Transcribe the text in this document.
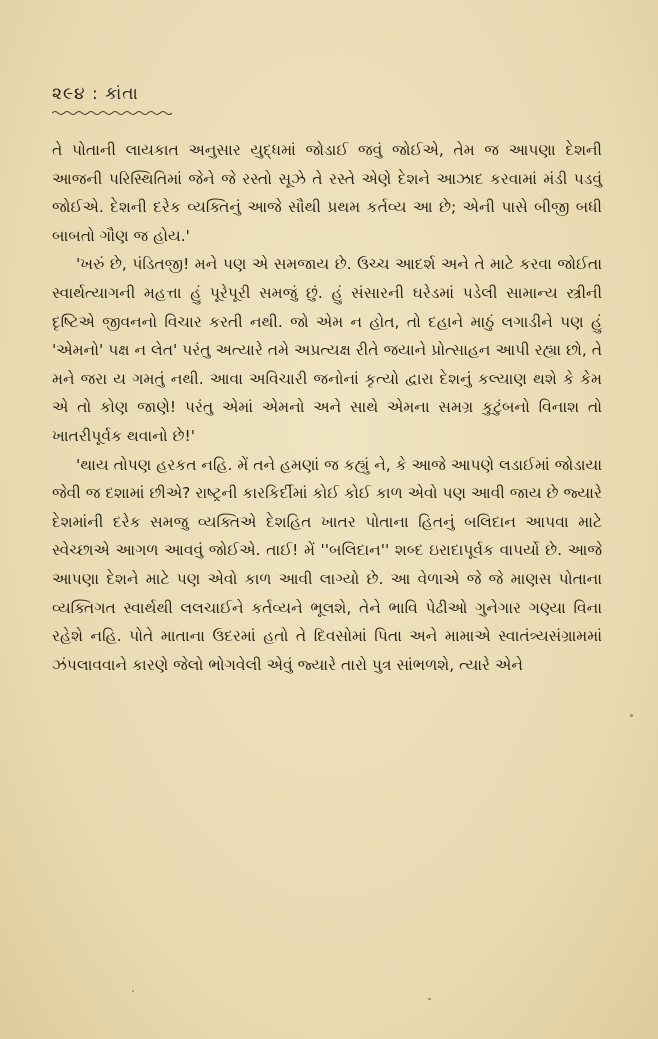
૨૯૪ : કાંતા

તે પોતાની લાયકાત અનુસાર યુદ્ધમાં જોડાઈ જવું જોઈએ, તેમ જ આપણા દેશની આજની પરિસ્થિતિમાં જેને જે રસ્તો સૂઝે તે રસ્તે એણે દેશને આઝાદ કરવામાં મંડી પડવું જોઈએ. દેશની દરેક વ્યક્તિનું આજે સૌથી પ્રથમ કર્તવ્ય આ છે; એની પાસે બીજી બધી બાબતો ગૌણ જ હોય.'

'ખરું છે, પંડિતજી! મને પણ એ સમજાય છે. ઉચ્ચ આદર્શ અને તે માટે કરવા જોઈતા સ્વાર્થત્યાગની મહત્તા હું પૂરેપૂરી સમજું છું. હું સંસારની ઘરેડમાં પડેલી સામાન્ય સ્ત્રીની દૃષ્ટિએ જીવનનો વિચાર કરતી નથી. જો એમ ન હોત, તો દહાને માઠું લગાડીને પણ હું 'એમનો' પક્ષ ન લેત' પરંતુ અત્યારે તમે અપ્રત્યક્ષ રીતે જયાને પ્રોત્સાહન આપી રહ્યા છો, તે મને જરા ય ગમતું નથી. આવા અવિચારી જનોનાં કૃત્યો દ્વારા દેશનું કલ્યાણ થશે કે કેમ એ તો કોણ જાણે! પરંતુ એમાં એમનો અને સાથે એમના સમગ્ર કુટુંબનો વિનાશ તો ખાતરીપૂર્વક થવાનો છે!'

'થાય તોપણ હરકત નહિ. મેં તને હમણાં જ કહ્યું ને, કે આજે આપણે લડાઈમાં જોડાયા જેવી જ દશામાં છીએ? રાષ્ટ્રની કારકિર્દીમાં કોઈ કોઈ કાળ એવો પણ આવી જાય છે જ્યારે દેશમાંની દરેક સમજુ વ્યક્તિએ દેશહિત ખાતર પોતાના હિતનું બલિદાન આપવા માટે સ્વેચ્છાએ આગળ આવવું જોઈએ. તાઈ! મેં ''બલિદાન'' શબ્દ ઇરાદાપૂર્વક વાપર્યો છે. આજે આપણા દેશને માટે પણ એવો કાળ આવી લાગ્યો છે. આ વેળાએ જે જે માણસ પોતાના વ્યક્તિગત સ્વાર્થથી લલચાઈને કર્તવ્યને ભૂલશે, તેને ભાવિ પેઢીઓ ગુનેગાર ગણ્યા વિના રહેશે નહિ. પોતે માતાના ઉદરમાં હતો તે દિવસોમાં પિતા અને મામાએ સ્વાતંત્ર્યસંગ્રામમાં ઝંપલાવવાને કારણે જેલો ભોગવેલી એવું જ્યારે તારો પુત્ર સાંભળશે, ત્યારે એને
